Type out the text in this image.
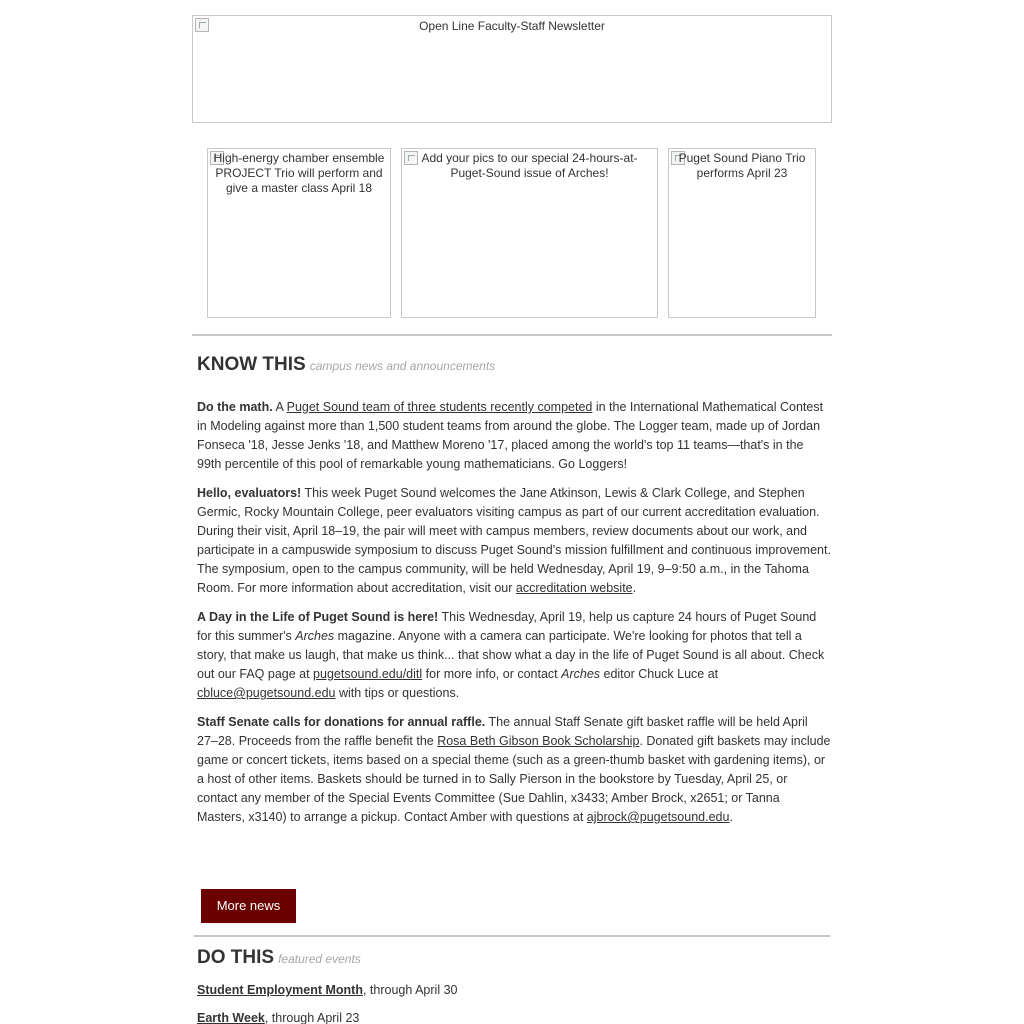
Open Line Faculty-Staff Newsletter
High-energy chamber ensemble PROJECT Trio will perform and give a master class April 18
Add your pics to our special 24-hours-at-Puget-Sound issue of Arches!
Puget Sound Piano Trio performs April 23
KNOW THIS campus news and announcements

Do the math. A Puget Sound team of three students recently competed in the International Mathematical Contest in Modeling against more than 1,500 student teams from around the globe. The Logger team, made up of Jordan Fonseca '18, Jesse Jenks '18, and Matthew Moreno '17, placed among the world's top 11 teams—that's in the 99th percentile of this pool of remarkable young mathematicians. Go Loggers!

Hello, evaluators! This week Puget Sound welcomes the Jane Atkinson, Lewis & Clark College, and Stephen Germic, Rocky Mountain College, peer evaluators visiting campus as part of our current accreditation evaluation. During their visit, April 18–19, the pair will meet with campus members, review documents about our work, and participate in a campuswide symposium to discuss Puget Sound's mission fulfillment and continuous improvement. The symposium, open to the campus community, will be held Wednesday, April 19, 9–9:50 a.m., in the Tahoma Room. For more information about accreditation, visit our accreditation website.

A Day in the Life of Puget Sound is here! This Wednesday, April 19, help us capture 24 hours of Puget Sound for this summer's Arches magazine. Anyone with a camera can participate. We're looking for photos that tell a story, that make us laugh, that make us think... that show what a day in the life of Puget Sound is all about. Check out our FAQ page at pugetsound.edu/ditl for more info, or contact Arches editor Chuck Luce at cbluce@pugetsound.edu with tips or questions.

Staff Senate calls for donations for annual raffle. The annual Staff Senate gift basket raffle will be held April 27–28. Proceeds from the raffle benefit the Rosa Beth Gibson Book Scholarship. Donated gift baskets may include game or concert tickets, items based on a special theme (such as a green-thumb basket with gardening items), or a host of other items. Baskets should be turned in to Sally Pierson in the bookstore by Tuesday, April 25, or contact any member of the Special Events Committee (Sue Dahlin, x3433; Amber Brock, x2651; or Tanna Masters, x3140) to arrange a pickup. Contact Amber with questions at ajbrock@pugetsound.edu.

More news
DO THIS featured events

Student Employment Month, through April 30

Earth Week, through April 23
